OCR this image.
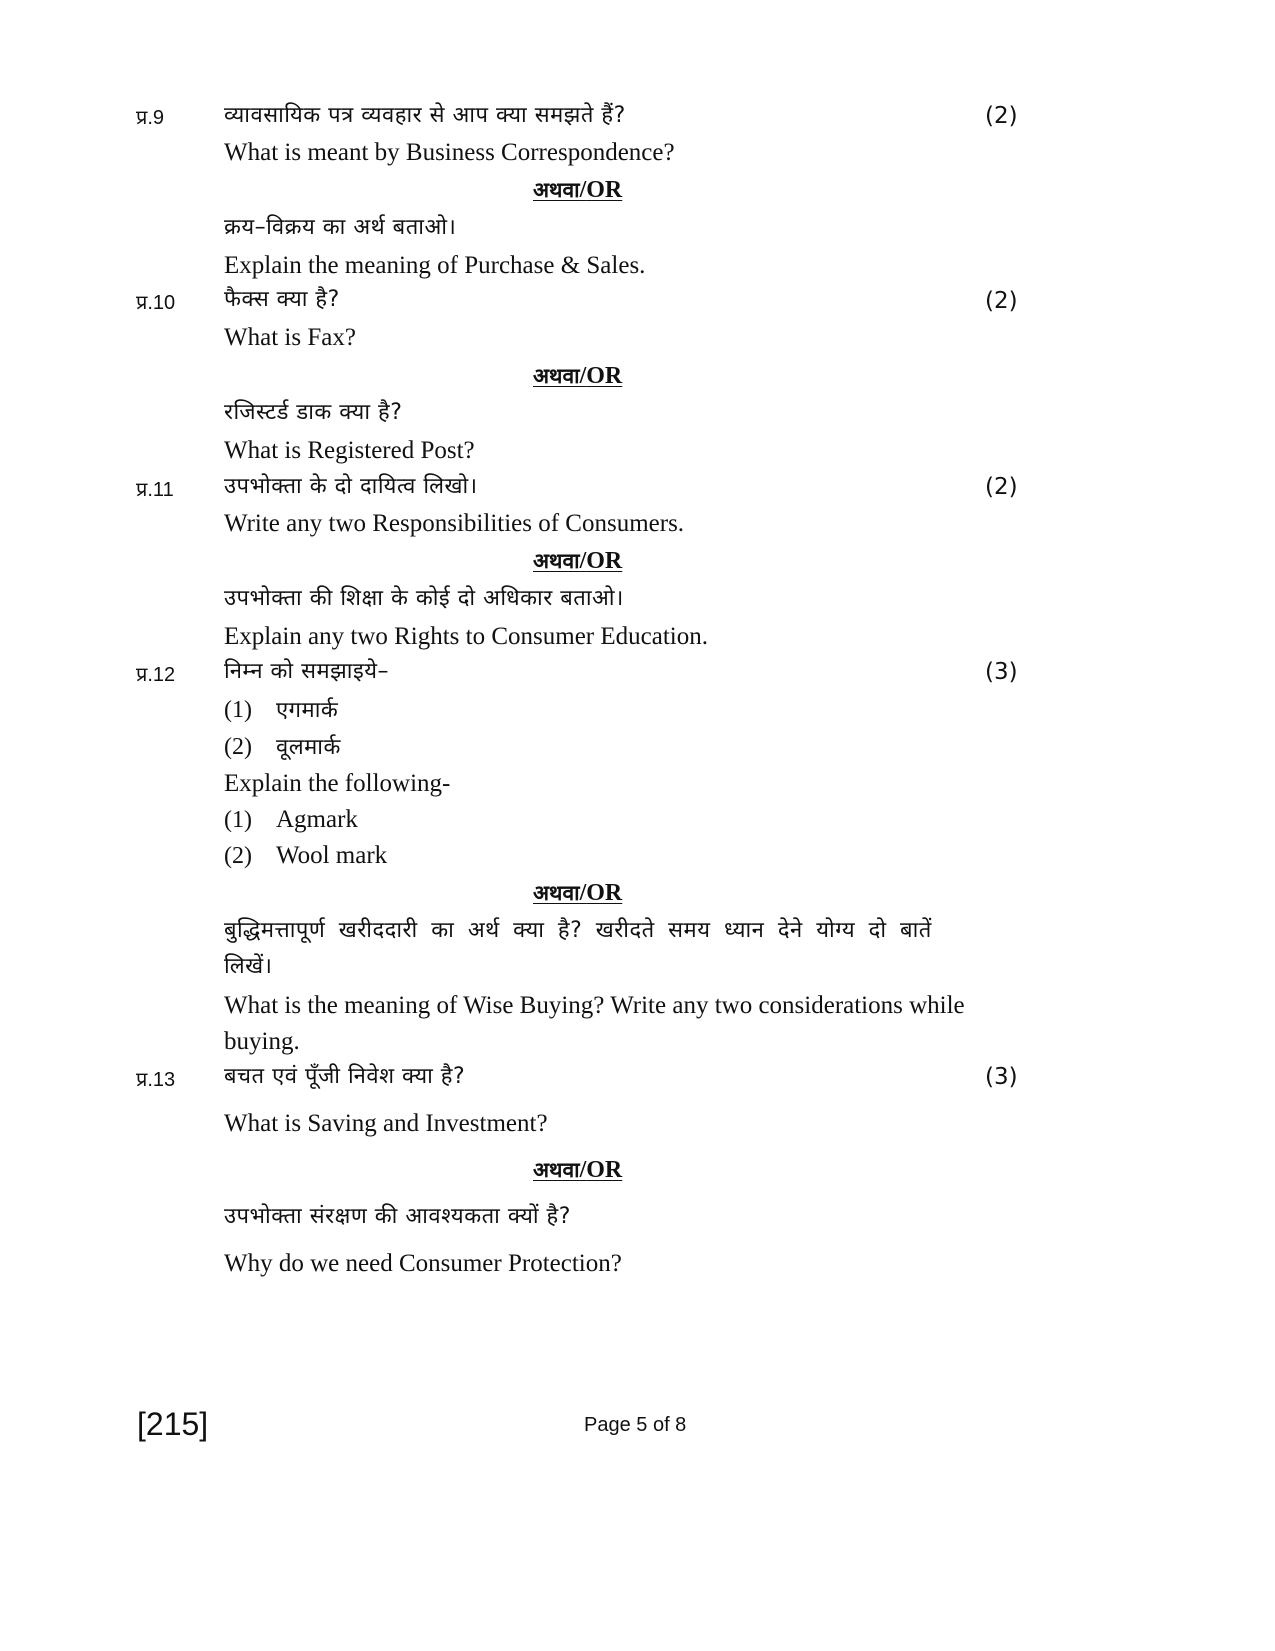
प्र.9	व्यावसायिक पत्र व्यवहार से आप क्या समझते हैं?	(2)
What is meant by Business Correspondence?
अथवा/OR
क्रय–विक्रय का अर्थ बताओ।
Explain the meaning of Purchase & Sales.
प्र.10 फैक्स क्या है?	(2)
What is Fax?
अथवा/OR
रजिस्टर्ड डाक क्या है?
What is Registered Post?
प्र.11 उपभोक्ता के दो दायित्व लिखो।	(2)
Write any two Responsibilities of Consumers.
अथवा/OR
उपभोक्ता की शिक्षा के कोई दो अधिकार बताओ।
Explain any two Rights to Consumer Education.
प्र.12 निम्न को समझाइये–	(3)
(1) एगमार्क
(2) वूलमार्क
Explain the following-
(1) Agmark
(2) Wool mark
अथवा/OR
बुद्धिमत्तापूर्ण खरीददारी का अर्थ क्या है? खरीदते समय ध्यान देने योग्य दो बातें लिखें।
What is the meaning of Wise Buying? Write any two considerations while buying.
प्र.13 बचत एवं पूँजी निवेश क्या है?	(3)
What is Saving and Investment?
अथवा/OR
उपभोक्ता संरक्षण की आवश्यकता क्यों है?
Why do we need Consumer Protection?
[215]	Page 5 of 8
